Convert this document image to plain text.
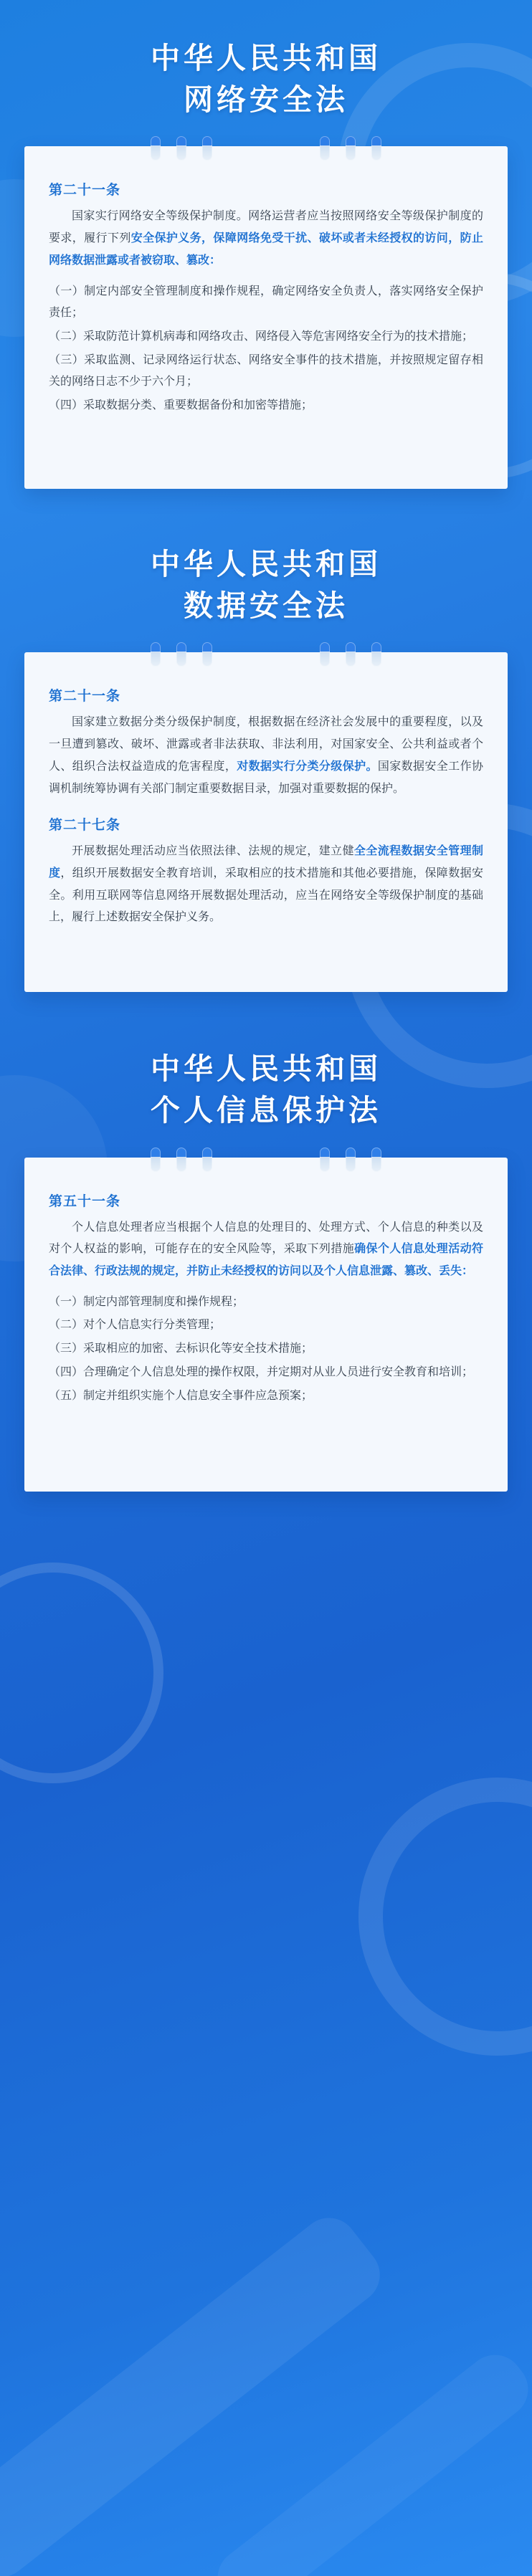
中华人民共和国
网络安全法
第二十一条

国家实行网络安全等级保护制度。网络运营者应当按照网络安全等级保护制度的要求，履行下列安全保护义务，保障网络免受干扰、破坏或者未经授权的访问，防止网络数据泄露或者被窃取、篡改：

（一）制定内部安全管理制度和操作规程，确定网络安全负责人，落实网络安全保护责任；

（二）采取防范计算机病毒和网络攻击、网络侵入等危害网络安全行为的技术措施；

（三）采取监测、记录网络运行状态、网络安全事件的技术措施，并按照规定留存相关的网络日志不少于六个月；

（四）采取数据分类、重要数据备份和加密等措施；

中华人民共和国
数据安全法
第二十一条

国家建立数据分类分级保护制度，根据数据在经济社会发展中的重要程度，以及一旦遭到篡改、破坏、泄露或者非法获取、非法利用，对国家安全、公共利益或者个人、组织合法权益造成的危害程度，对数据实行分类分级保护。国家数据安全工作协调机制统筹协调有关部门制定重要数据目录，加强对重要数据的保护。

第二十七条

开展数据处理活动应当依照法律、法规的规定，建立健全全流程数据安全管理制度，组织开展数据安全教育培训，采取相应的技术措施和其他必要措施，保障数据安全。利用互联网等信息网络开展数据处理活动，应当在网络安全等级保护制度的基础上，履行上述数据安全保护义务。

中华人民共和国
个人信息保护法
第五十一条

个人信息处理者应当根据个人信息的处理目的、处理方式、个人信息的种类以及对个人权益的影响，可能存在的安全风险等，采取下列措施确保个人信息处理活动符合法律、行政法规的规定，并防止未经授权的访问以及个人信息泄露、篡改、丢失：

（一）制定内部管理制度和操作规程；

（二）对个人信息实行分类管理；

（三）采取相应的加密、去标识化等安全技术措施；

（四）合理确定个人信息处理的操作权限，并定期对从业人员进行安全教育和培训；

（五）制定并组织实施个人信息安全事件应急预案；
